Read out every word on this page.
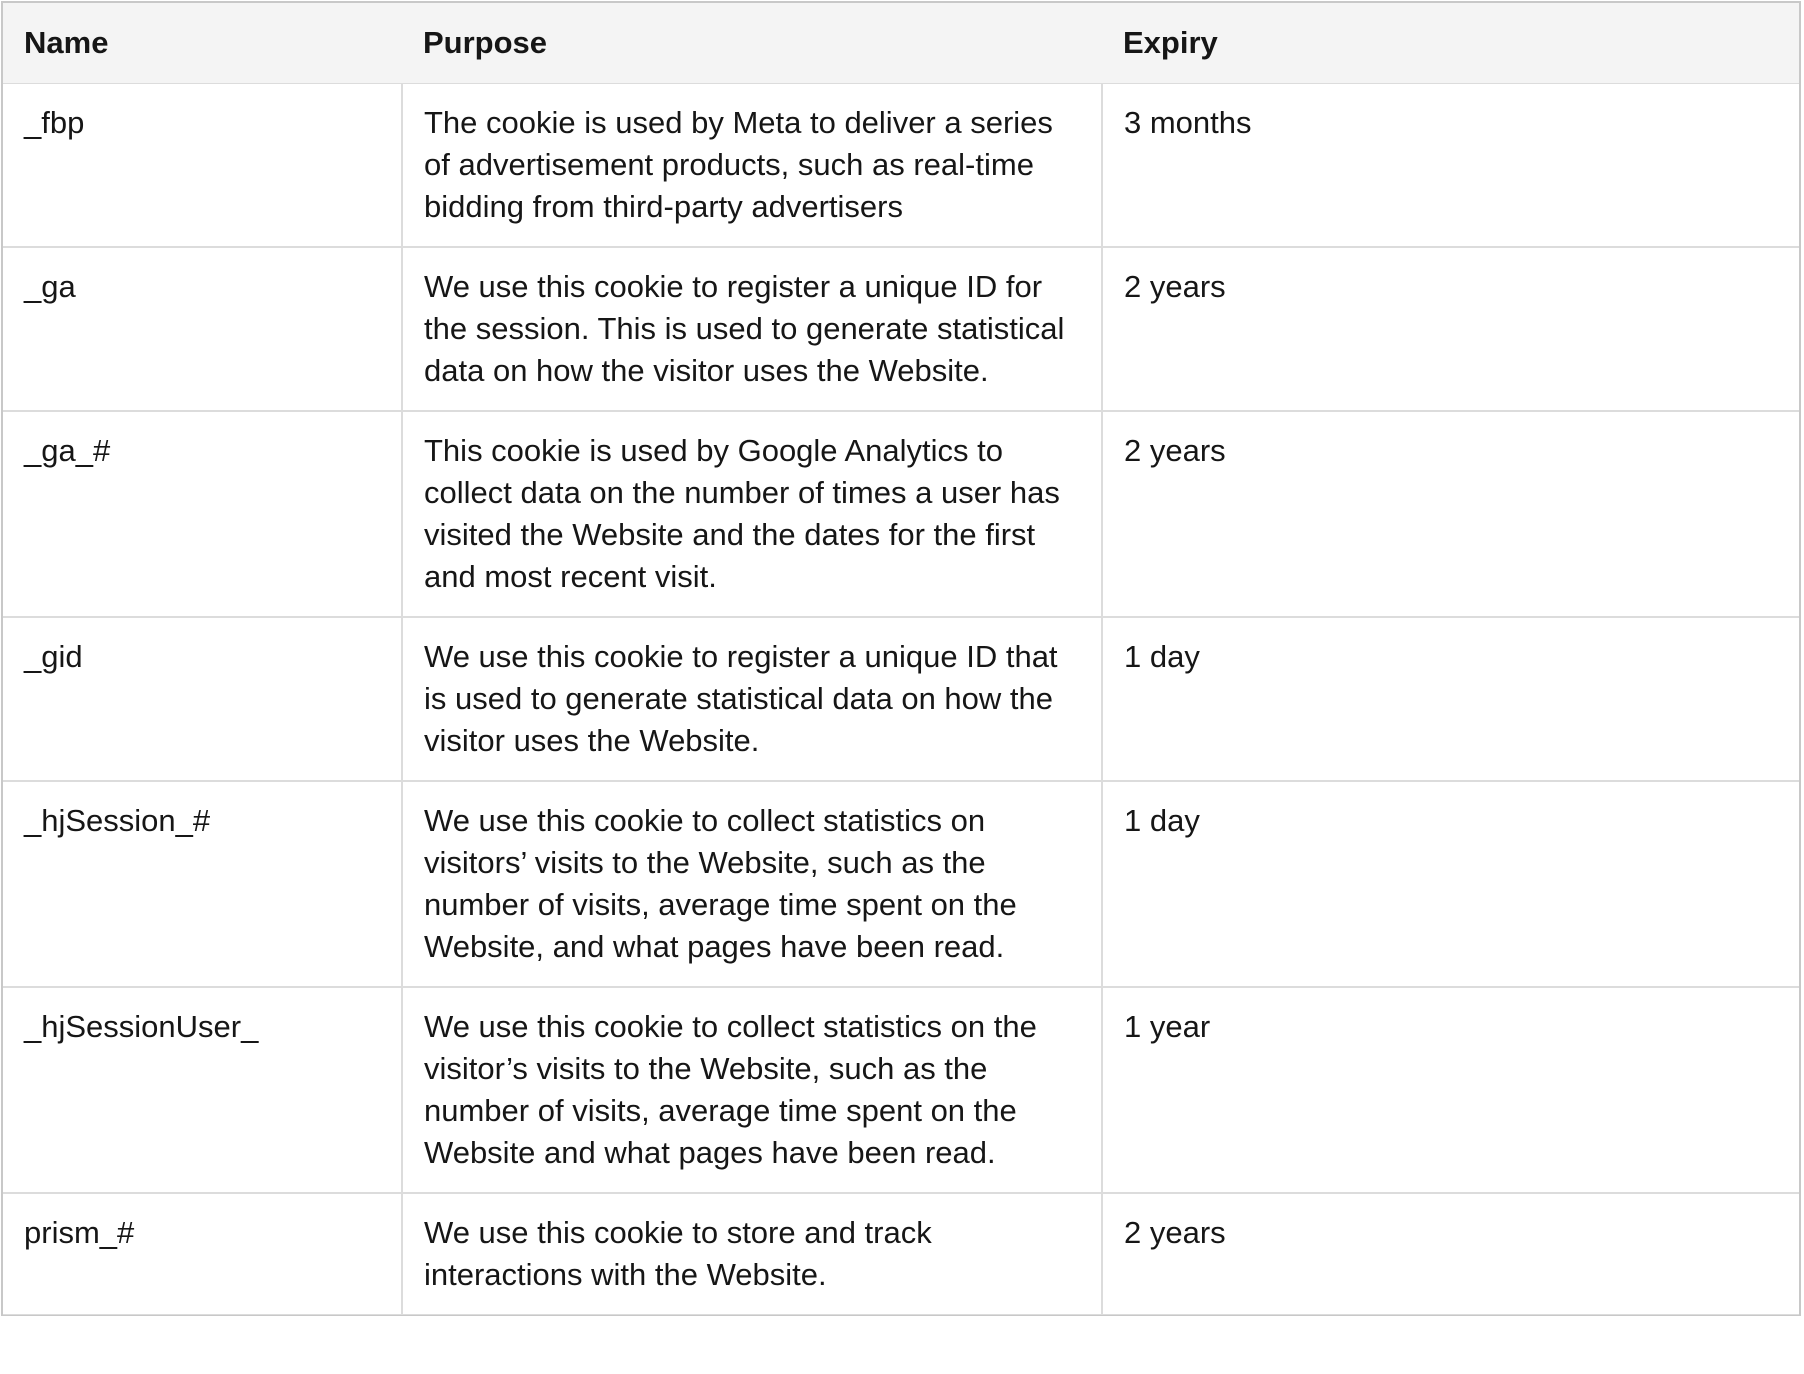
Name	Purpose	Expiry
_fbp	The cookie is used by Meta to deliver a series of advertisement products, such as real-time bidding from third-party advertisers	3 months
_ga	We use this cookie to register a unique ID for the session. This is used to generate statistical data on how the visitor uses the Website.	2 years
_ga_#	This cookie is used by Google Analytics to collect data on the number of times a user has visited the Website and the dates for the first and most recent visit.	2 years
_gid	We use this cookie to register a unique ID that is used to generate statistical data on how the visitor uses the Website.	1 day
_hjSession_#	We use this cookie to collect statistics on visitors’ visits to the Website, such as the number of visits, average time spent on the Website, and what pages have been read.	1 day
_hjSessionUser_	We use this cookie to collect statistics on the visitor’s visits to the Website, such as the number of visits, average time spent on the Website and what pages have been read.	1 year
prism_#	We use this cookie to store and track interactions with the Website.	2 years
